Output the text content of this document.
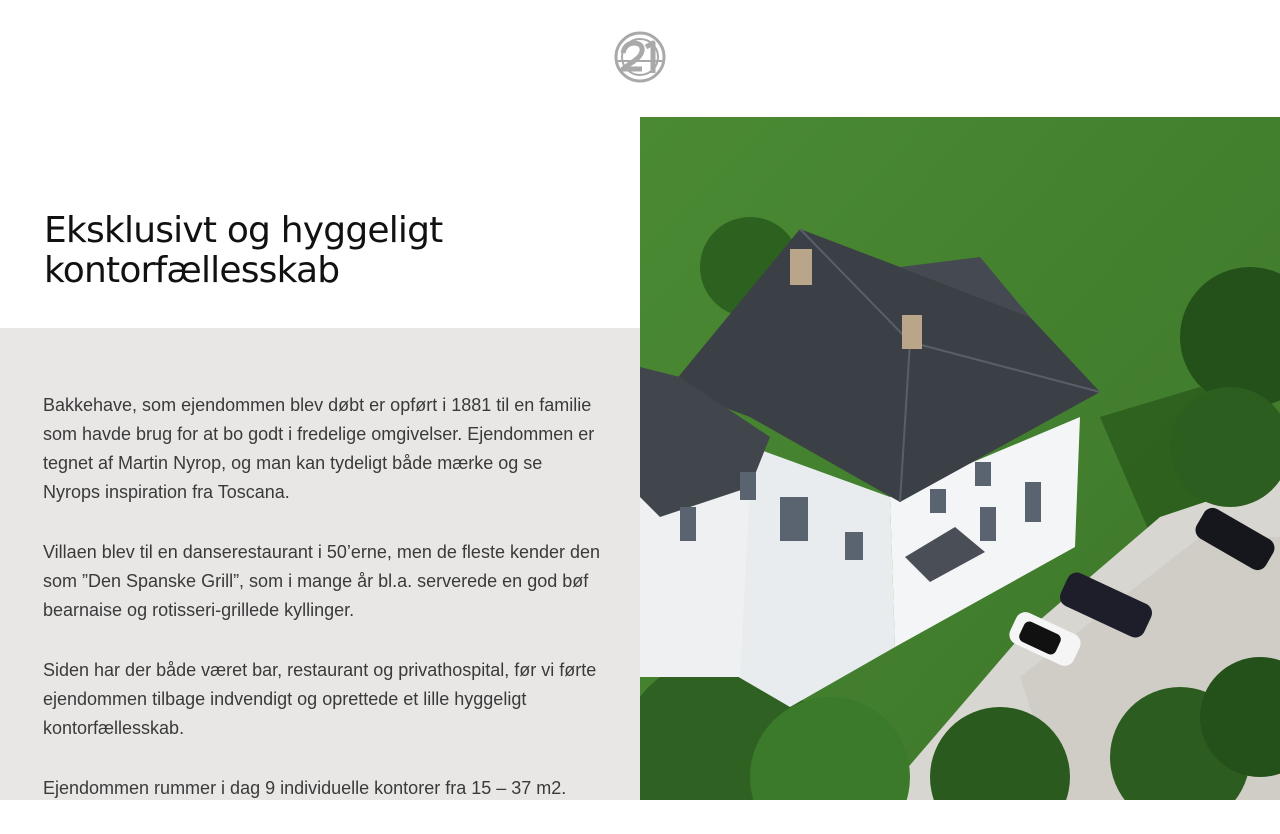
Eksklusivt og hyggeligt
kontorfællesskab

Bakkehave, som ejendommen blev døbt er opført i 1881 til en familie som havde brug for at bo godt i fredelige omgivelser. Ejendommen er tegnet af Martin Nyrop, og man kan tydeligt både mærke og se Nyrops inspiration fra Toscana.

Villaen blev til en danserestaurant i 50’erne, men de fleste kender den som ”Den Spanske Grill”, som i mange år bl.a. serverede en god bøf bearnaise og rotisseri-grillede kyllinger.

Siden har der både været bar, restaurant og privathospital, før vi førte ejendommen tilbage indvendigt og oprettede et lille hyggeligt kontorfællesskab.

Ejendommen rummer i dag 9 individuelle kontorer fra 15 – 37 m2.
